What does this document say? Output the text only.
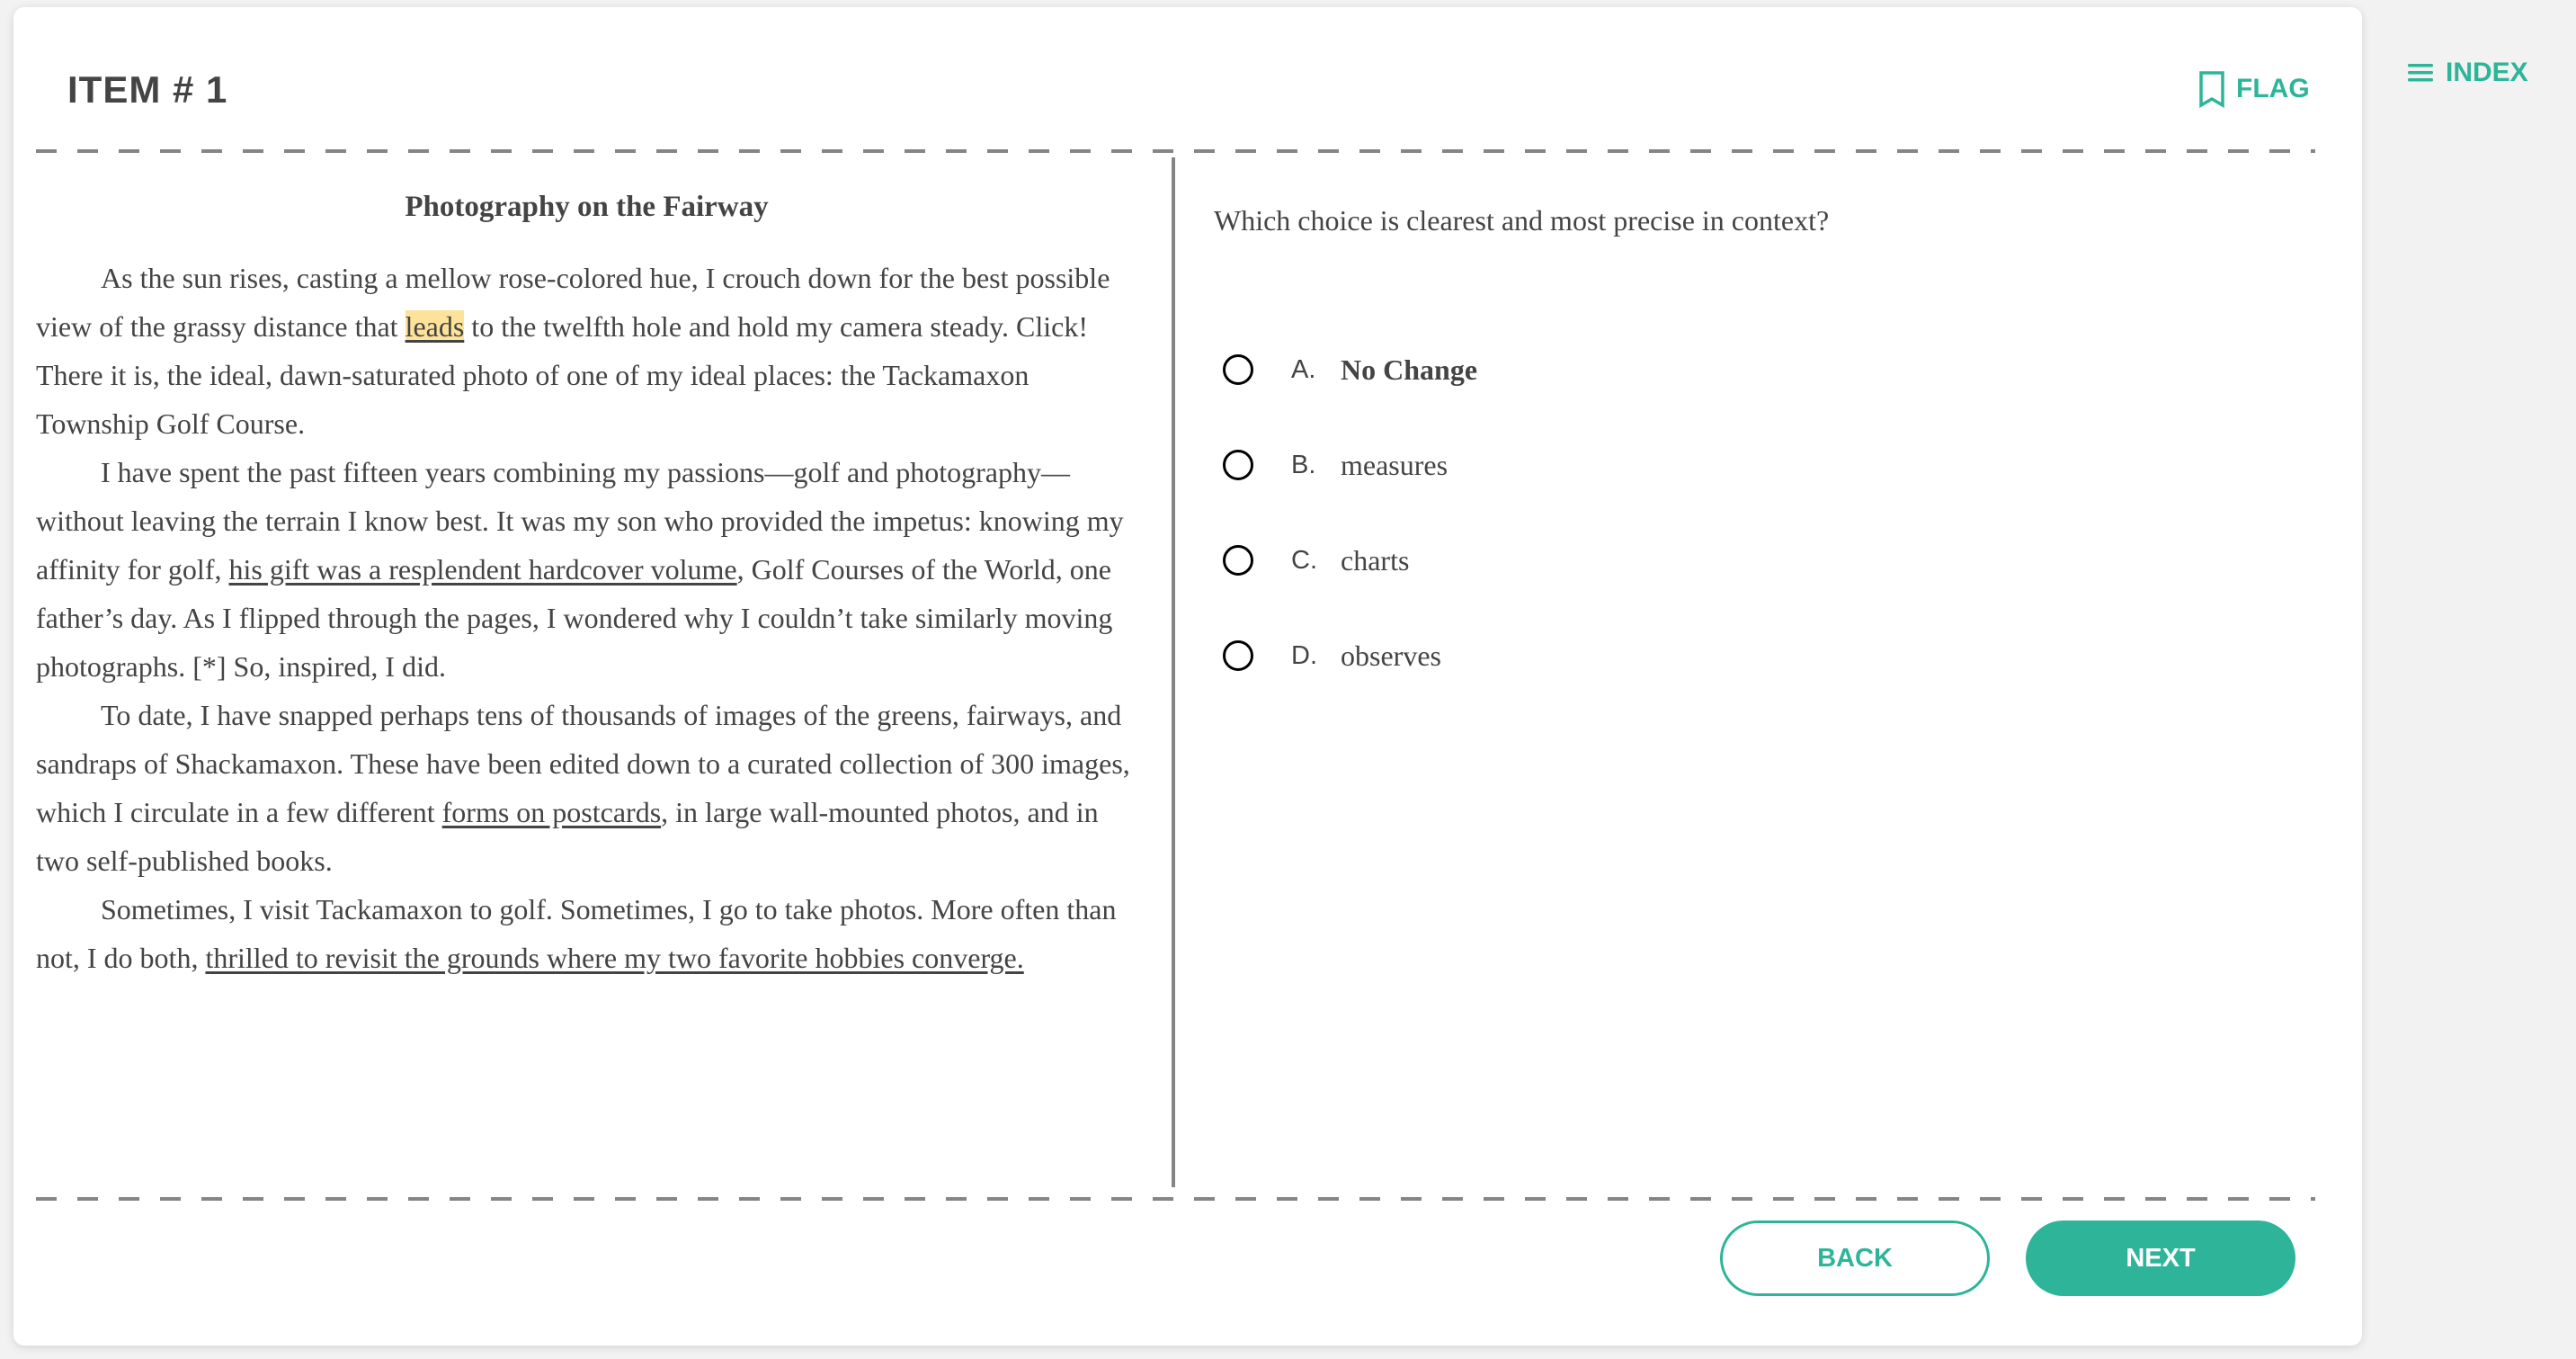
ITEM # 1	FLAG
Photography on the Fairway

As the sun rises, casting a mellow rose-colored hue, I crouch down for the best possible view of the grassy distance that leads to the twelfth hole and hold my camera steady. Click! There it is, the ideal, dawn-saturated photo of one of my ideal places: the Tackamaxon Township Golf Course.

I have spent the past fifteen years combining my passions—golf and photography—without leaving the terrain I know best. It was my son who provided the impetus: knowing my affinity for golf, his gift was a resplendent hardcover volume, Golf Courses of the World, one father’s day. As I flipped through the pages, I wondered why I couldn’t take similarly moving photographs. [*] So, inspired, I did.

To date, I have snapped perhaps tens of thousands of images of the greens, fairways, and sandraps of Shackamaxon. These have been edited down to a curated collection of 300 images, which I circulate in a few different forms on postcards, in large wall-mounted photos, and in two self-published books.

Sometimes, I visit Tackamaxon to golf. Sometimes, I go to take photos. More often than not, I do both, thrilled to revisit the grounds where my two favorite hobbies converge.

Which choice is clearest and most precise in context?
A. No Change
B. measures
C. charts
D. observes
BACK	NEXT
INDEX
